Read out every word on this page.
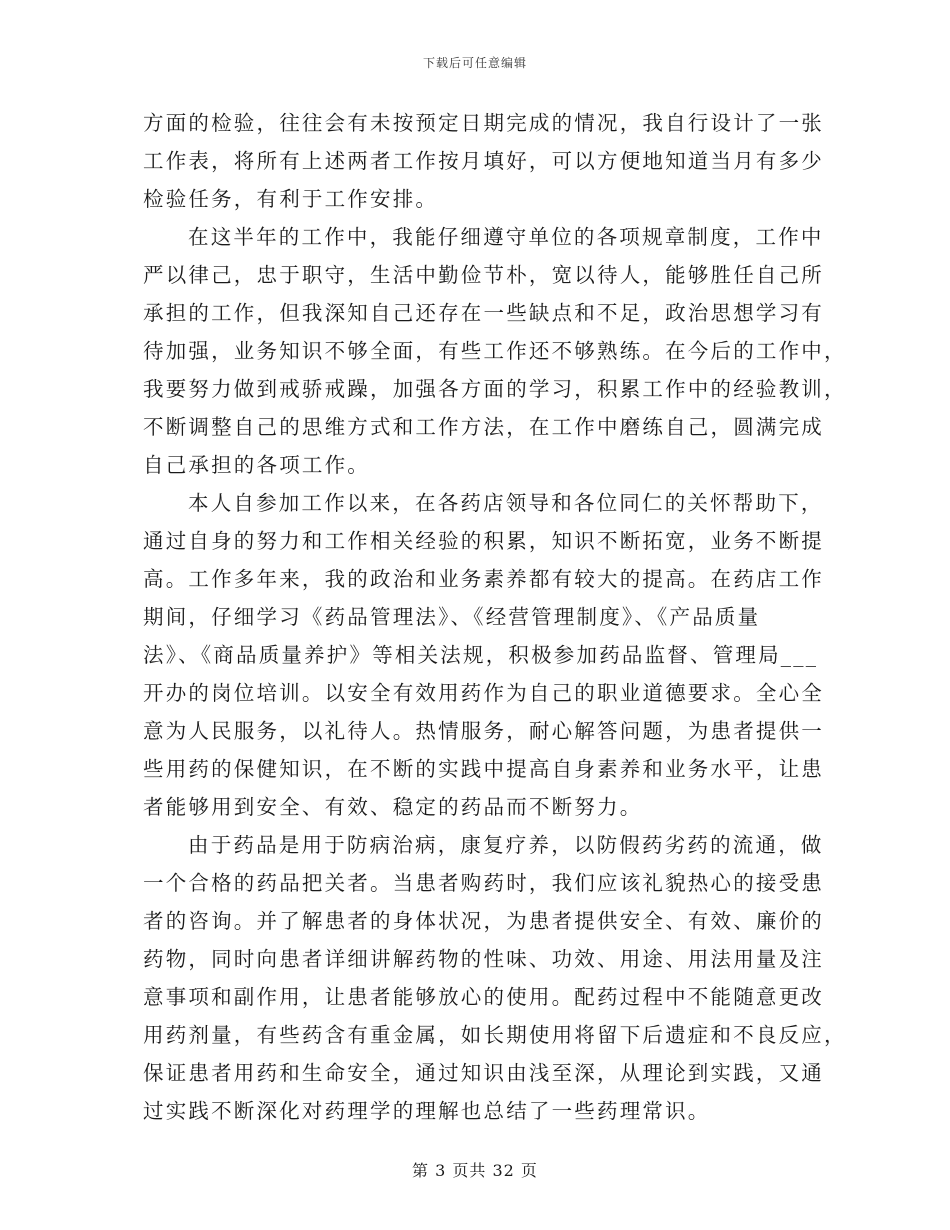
下载后可任意编辑
方面的检验，往往会有未按预定日期完成的情况，我自行设计了一张
工作表，将所有上述两者工作按月填好，可以方便地知道当月有多少
检验任务，有利于工作安排。
在这半年的工作中，我能仔细遵守单位的各项规章制度，工作中
严以律己，忠于职守，生活中勤俭节朴，宽以待人，能够胜任自己所
承担的工作，但我深知自己还存在一些缺点和不足，政治思想学习有
待加强，业务知识不够全面，有些工作还不够熟练。在今后的工作中，
我要努力做到戒骄戒躁，加强各方面的学习，积累工作中的经验教训，
不断调整自己的思维方式和工作方法，在工作中磨练自己，圆满完成
自己承担的各项工作。
本人自参加工作以来，在各药店领导和各位同仁的关怀帮助下，
通过自身的努力和工作相关经验的积累，知识不断拓宽，业务不断提
高。工作多年来，我的政治和业务素养都有较大的提高。在药店工作
期间，仔细学习《药品管理法》、《经营管理制度》、《产品质量
法》、《商品质量养护》等相关法规，积极参加药品监督、管理局___
开办的岗位培训。以安全有效用药作为自己的职业道德要求。全心全
意为人民服务，以礼待人。热情服务，耐心解答问题，为患者提供一
些用药的保健知识，在不断的实践中提高自身素养和业务水平，让患
者能够用到安全、有效、稳定的药品而不断努力。
由于药品是用于防病治病，康复疗养，以防假药劣药的流通，做
一个合格的药品把关者。当患者购药时，我们应该礼貌热心的接受患
者的咨询。并了解患者的身体状况，为患者提供安全、有效、廉价的
药物，同时向患者详细讲解药物的性味、功效、用途、用法用量及注
意事项和副作用，让患者能够放心的使用。配药过程中不能随意更改
用药剂量，有些药含有重金属，如长期使用将留下后遗症和不良反应，
保证患者用药和生命安全，通过知识由浅至深，从理论到实践，又通
过实践不断深化对药理学的理解也总结了一些药理常识。
第 3 页共 32 页
